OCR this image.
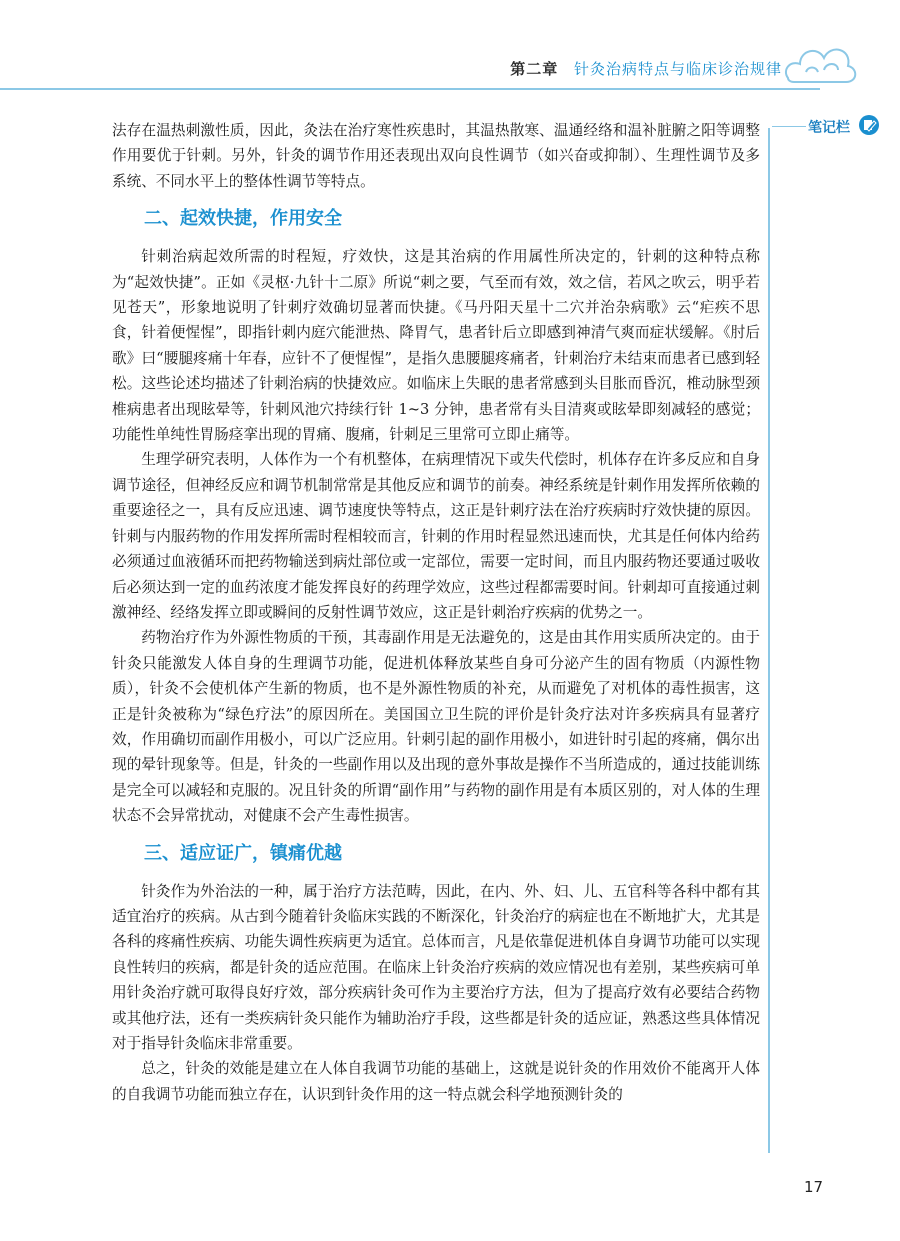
第二章 针灸治病特点与临床诊治规律
笔记栏

法存在温热刺激性质，因此，灸法在治疗寒性疾患时，其温热散寒、温通经络和温补脏腑之阳等调整作用要优于针刺。另外，针灸的调节作用还表现出双向良性调节（如兴奋或抑制）、生理性调节及多系统、不同水平上的整体性调节等特点。

二、起效快捷，作用安全

针刺治病起效所需的时程短，疗效快，这是其治病的作用属性所决定的，针刺的这种特点称为“起效快捷”。正如《灵枢·九针十二原》所说“刺之要，气至而有效，效之信，若风之吹云，明乎若见苍天”，形象地说明了针刺疗效确切显著而快捷。《马丹阳天星十二穴并治杂病歌》云“疟疾不思食，针着便惺惺”，即指针刺内庭穴能泄热、降胃气，患者针后立即感到神清气爽而症状缓解。《肘后歌》曰“腰腿疼痛十年春，应针不了便惺惺”，是指久患腰腿疼痛者，针刺治疗未结束而患者已感到轻松。这些论述均描述了针刺治病的快捷效应。如临床上失眠的患者常感到头目胀而昏沉，椎动脉型颈椎病患者出现眩晕等，针刺风池穴持续行针 1~3 分钟，患者常有头目清爽或眩晕即刻减轻的感觉；功能性单纯性胃肠痉挛出现的胃痛、腹痛，针刺足三里常可立即止痛等。

生理学研究表明，人体作为一个有机整体，在病理情况下或失代偿时，机体存在许多反应和自身调节途径，但神经反应和调节机制常常是其他反应和调节的前奏。神经系统是针刺作用发挥所依赖的重要途径之一，具有反应迅速、调节速度快等特点，这正是针刺疗法在治疗疾病时疗效快捷的原因。针刺与内服药物的作用发挥所需时程相较而言，针刺的作用时程显然迅速而快，尤其是任何体内给药必须通过血液循环而把药物输送到病灶部位或一定部位，需要一定时间，而且内服药物还要通过吸收后必须达到一定的血药浓度才能发挥良好的药理学效应，这些过程都需要时间。针刺却可直接通过刺激神经、经络发挥立即或瞬间的反射性调节效应，这正是针刺治疗疾病的优势之一。

药物治疗作为外源性物质的干预，其毒副作用是无法避免的，这是由其作用实质所决定的。由于针灸只能激发人体自身的生理调节功能，促进机体释放某些自身可分泌产生的固有物质（内源性物质），针灸不会使机体产生新的物质，也不是外源性物质的补充，从而避免了对机体的毒性损害，这正是针灸被称为“绿色疗法”的原因所在。美国国立卫生院的评价是针灸疗法对许多疾病具有显著疗效，作用确切而副作用极小，可以广泛应用。针刺引起的副作用极小，如进针时引起的疼痛，偶尔出现的晕针现象等。但是，针灸的一些副作用以及出现的意外事故是操作不当所造成的，通过技能训练是完全可以减轻和克服的。况且针灸的所谓“副作用”与药物的副作用是有本质区别的，对人体的生理状态不会异常扰动，对健康不会产生毒性损害。

三、适应证广，镇痛优越

针灸作为外治法的一种，属于治疗方法范畴，因此，在内、外、妇、儿、五官科等各科中都有其适宜治疗的疾病。从古到今随着针灸临床实践的不断深化，针灸治疗的病症也在不断地扩大，尤其是各科的疼痛性疾病、功能失调性疾病更为适宜。总体而言，凡是依靠促进机体自身调节功能可以实现良性转归的疾病，都是针灸的适应范围。在临床上针灸治疗疾病的效应情况也有差别，某些疾病可单用针灸治疗就可取得良好疗效，部分疾病针灸可作为主要治疗方法，但为了提高疗效有必要结合药物或其他疗法，还有一类疾病针灸只能作为辅助治疗手段，这些都是针灸的适应证，熟悉这些具体情况对于指导针灸临床非常重要。

总之，针灸的效能是建立在人体自我调节功能的基础上，这就是说针灸的作用效价不能离开人体的自我调节功能而独立存在，认识到针灸作用的这一特点就会科学地预测针灸的

17
